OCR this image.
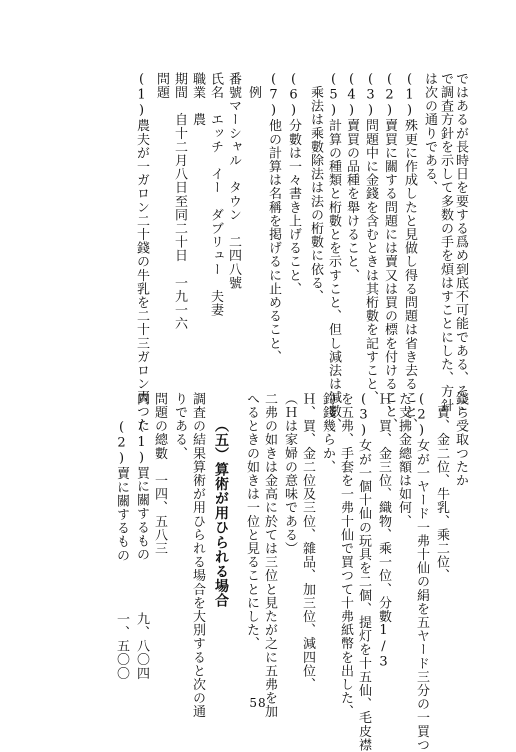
ではあるが長時日を要する爲め到底不可能である、そこ
で調査方針を示して多数の手を煩はすことにした、方針
は次の通りである、
(1)殊更に作成したと見做し得る問題は省き去ること、
(2)賣買に關する問題には賣又は買の標を付けること、
(3)問題中に金錢を含むときは其桁數を記すこと、
(4)賣買の品種を舉けること、
(5)計算の種類と桁數とを示すこと、但し減法は減數、
　乘法は乘數除法は法の桁數に依る、
(6)分數は一々書き上げること、
(7)他の計算は名稱を掲げるに止めること、
　例
番號マーシャル　タウン　二四八號
氏名　エッチ　イー　ダブリュー　夫妻
職業　農
期間　自十二月八日至同二十日　一九一六
問題
(1)農夫が一ガロン二十錢の牛乳を二十三ガロン賣つた
錢ら受取つたか
　賣、金二位、牛乳、乘二位、
(2)女が一ヤード一弗十仙の絹を五ヤード三分の一買つ
た支拂金總額は如何、
Ｈ、買、金三位、織物、乘一位、分數1/3
(3)女が一個十仙の玩具を二個、提灯を十五仙、毛皮襟
を五弗、手套を一弗十仙で買つて十弗紙幣を出した、
釣錢幾らか、
Ｈ、買、金二位及三位、雜品、加三位、減四位、
（Ｈは家婦の意味である）
二弗の如きは金高に於ては三位と見たが之に五弗を加
へるときの如きは一位と見ることにした、
（五）
算術が用ひられる場合
調査の結果算術が用ひられる場合を大別すると次の通
りである、
問題の總數　一四、五八三
内　(1)買に關するもの
九、八〇四
(2)賣に關するもの
一、五〇〇
58
